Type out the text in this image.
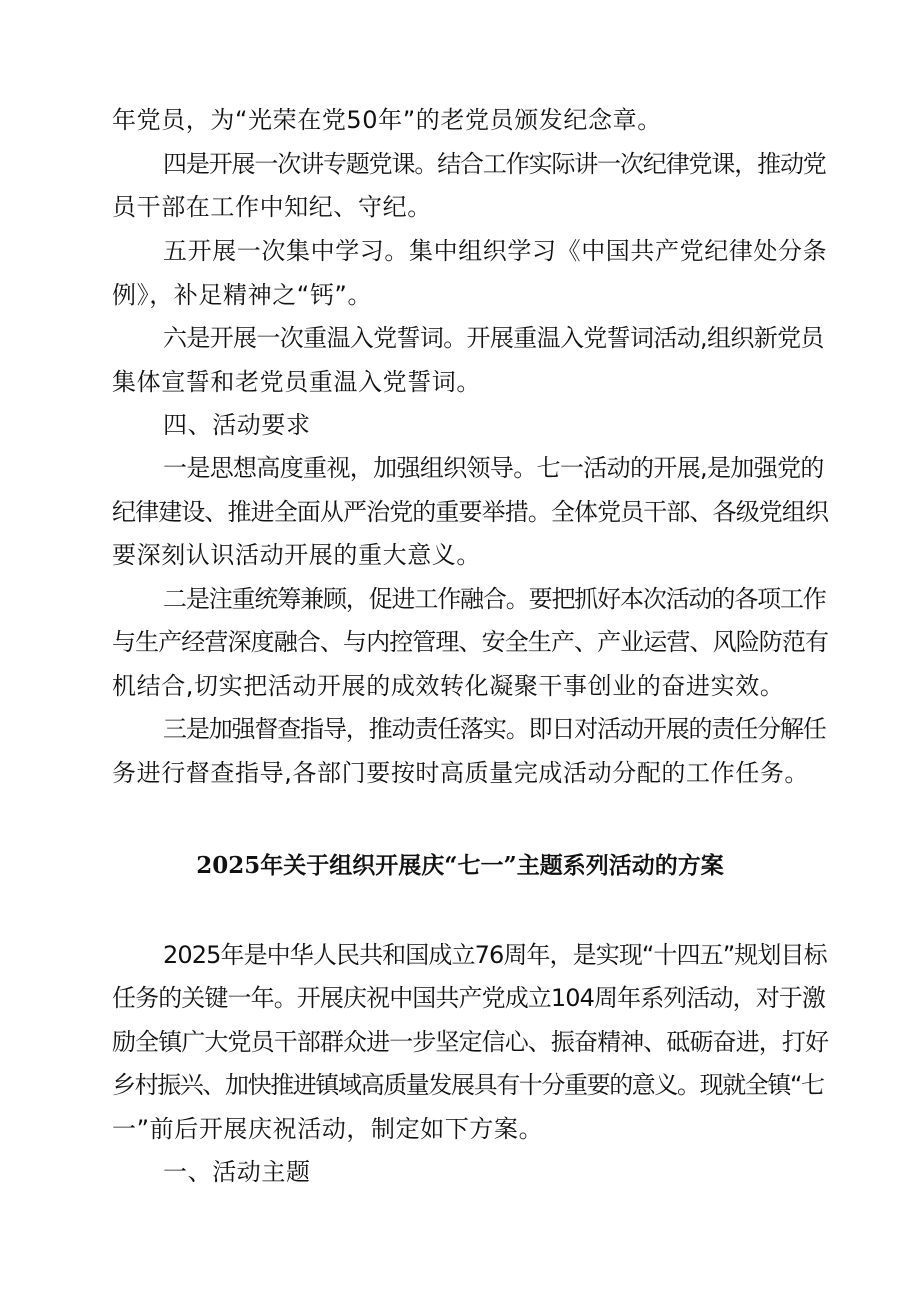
年党员，为“光荣在党50年”的老党员颁发纪念章。
四是开展一次讲专题党课。结合工作实际讲一次纪律党课，推动党
员干部在工作中知纪、守纪。
五开展一次集中学习。集中组织学习《中国共产党纪律处分条
例》，补足精神之“钙”。
六是开展一次重温入党誓词。开展重温入党誓词活动,组织新党员
集体宣誓和老党员重温入党誓词。
四、活动要求
一是思想高度重视，加强组织领导。七一活动的开展,是加强党的
纪律建设、推进全面从严治党的重要举措。全体党员干部、各级党组织
要深刻认识活动开展的重大意义。
二是注重统筹兼顾，促进工作融合。要把抓好本次活动的各项工作
与生产经营深度融合、与内控管理、安全生产、产业运营、风险防范有
机结合,切实把活动开展的成效转化凝聚干事创业的奋进实效。
三是加强督查指导，推动责任落实。即日对活动开展的责任分解任
务进行督查指导,各部门要按时高质量完成活动分配的工作任务。
2025年关于组织开展庆“七一”主题系列活动的方案
2025年是中华人民共和国成立76周年，是实现“十四五”规划目标
任务的关键一年。开展庆祝中国共产党成立104周年系列活动，对于激
励全镇广大党员干部群众进一步坚定信心、振奋精神、砥砺奋进，打好
乡村振兴、加快推进镇域高质量发展具有十分重要的意义。现就全镇“七
一”前后开展庆祝活动，制定如下方案。
一、活动主题
